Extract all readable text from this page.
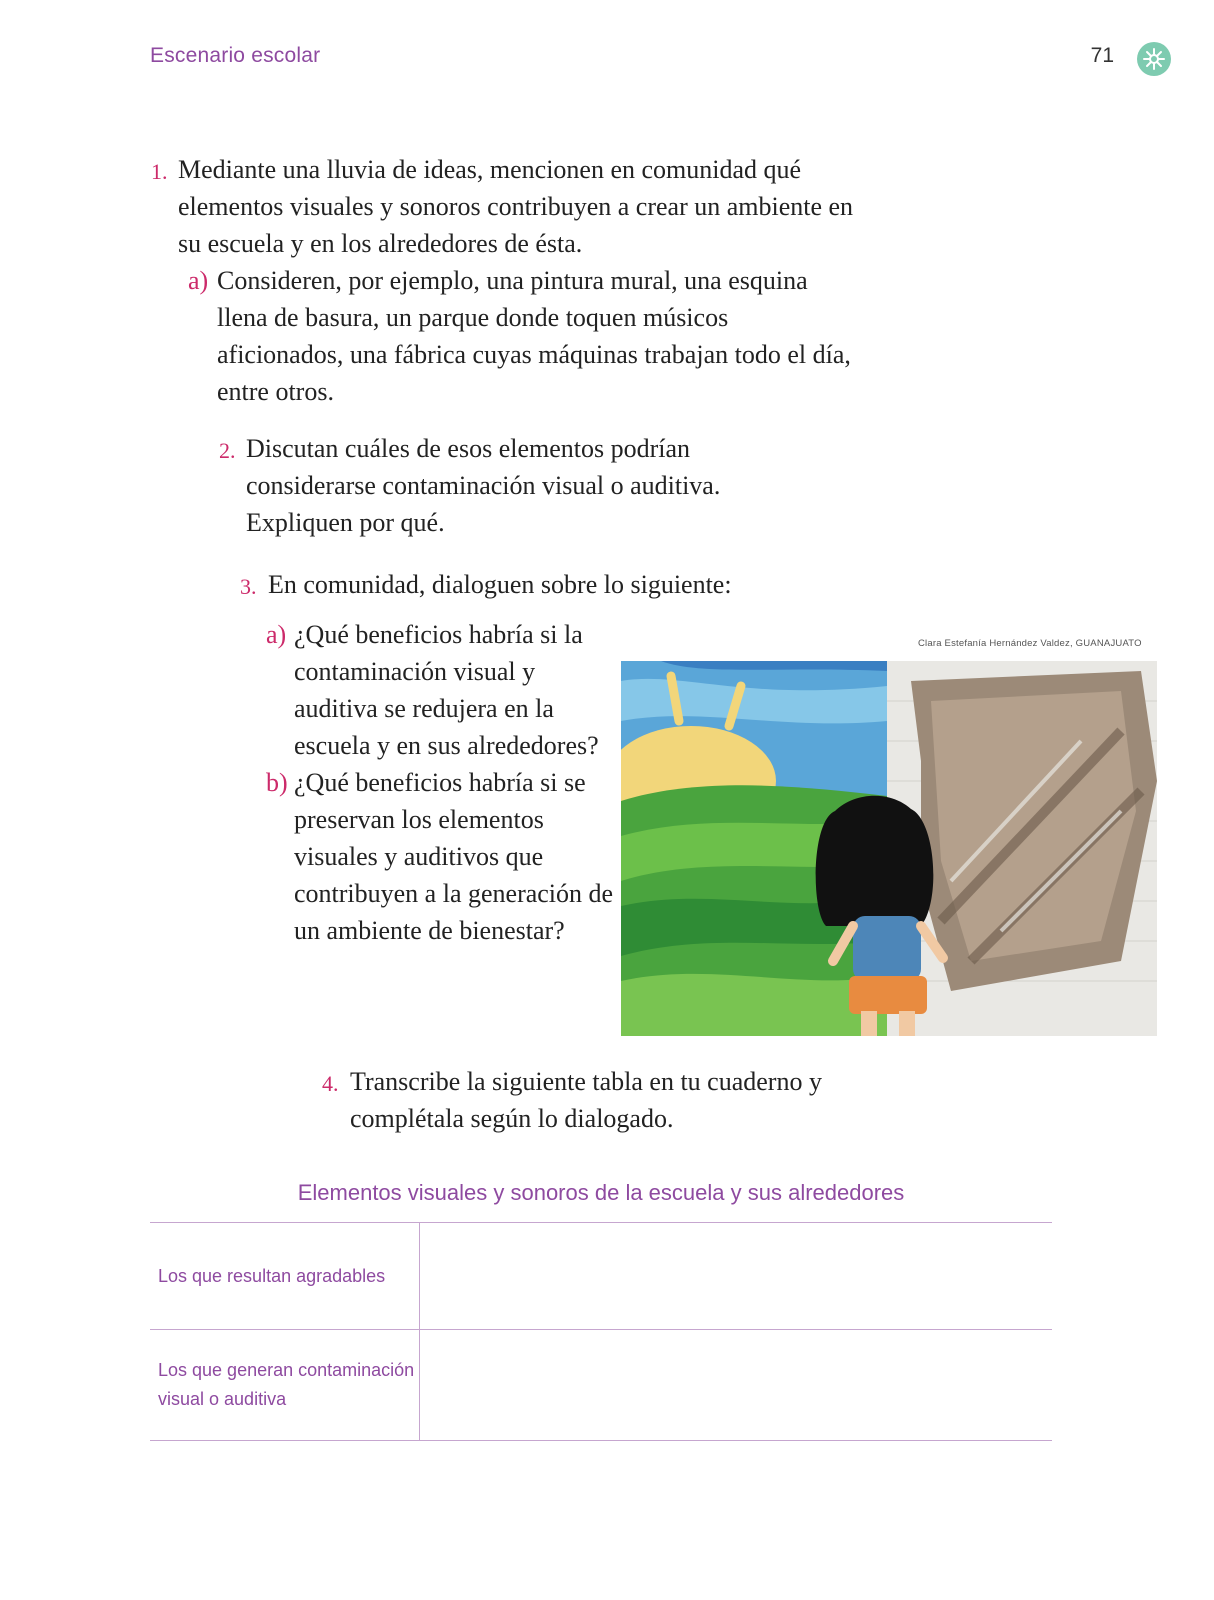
Escenario escolar	71
1. Mediante una lluvia de ideas, mencionen en comunidad qué elementos visuales y sonoros contribuyen a crear un ambiente en su escuela y en los alrededores de ésta.
a) Consideren, por ejemplo, una pintura mural, una esquina llena de basura, un parque donde toquen músicos aficionados, una fábrica cuyas máquinas trabajan todo el día, entre otros.
2. Discutan cuáles de esos elementos podrían considerarse contaminación visual o auditiva. Expliquen por qué.
3. En comunidad, dialoguen sobre lo siguiente:
a) ¿Qué beneficios habría si la contaminación visual y auditiva se redujera en la escuela y en sus alrededores?
b) ¿Qué beneficios habría si se preservan los elementos visuales y auditivos que contribuyen a la generación de un ambiente de bienestar?
Clara Estefanía Hernández Valdez, GUANAJUATO
4. Transcribe la siguiente tabla en tu cuaderno y complétala según lo dialogado.
Elementos visuales y sonoros de la escuela y sus alrededores
Los que resultan agradables	
Los que generan contaminación visual o auditiva	
